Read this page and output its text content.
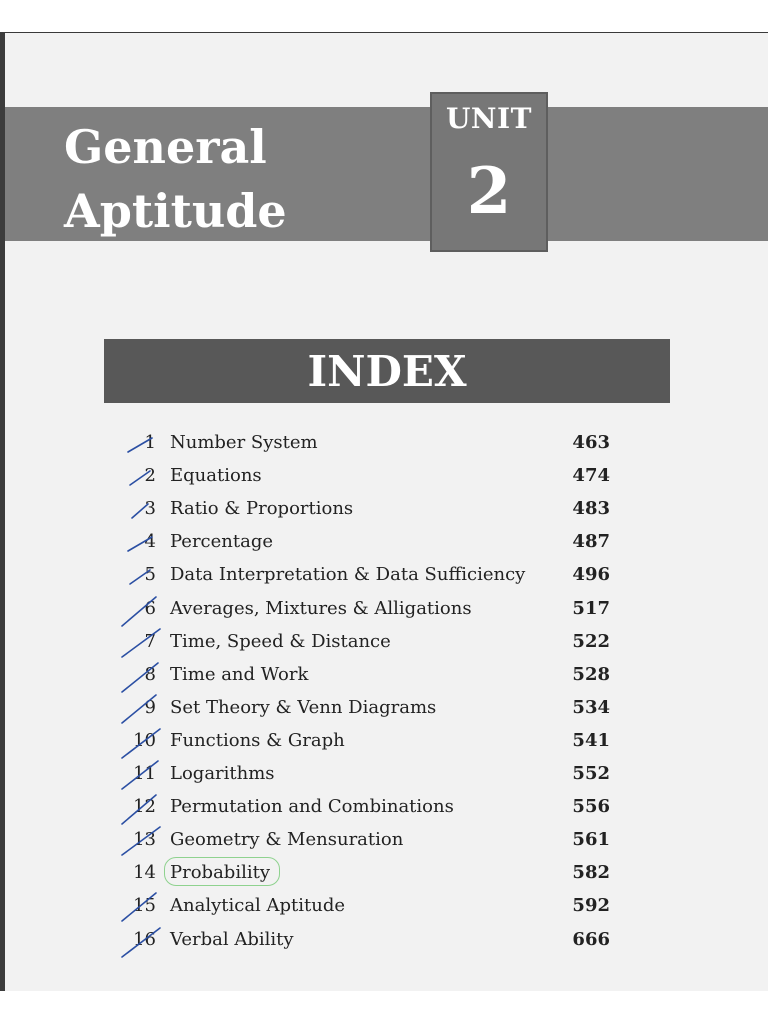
General
Aptitude
UNIT
2
INDEX
1 Number System	463
2 Equations	474
3 Ratio & Proportions	483
4 Percentage	487
5 Data Interpretation & Data Sufficiency	496
6 Averages, Mixtures & Alligations	517
7 Time, Speed & Distance	522
8 Time and Work	528
9 Set Theory & Venn Diagrams	534
10 Functions & Graph	541
11 Logarithms	552
12 Permutation and Combinations	556
13 Geometry & Mensuration	561
14 Probability	582
15 Analytical Aptitude	592
16 Verbal Ability	666
